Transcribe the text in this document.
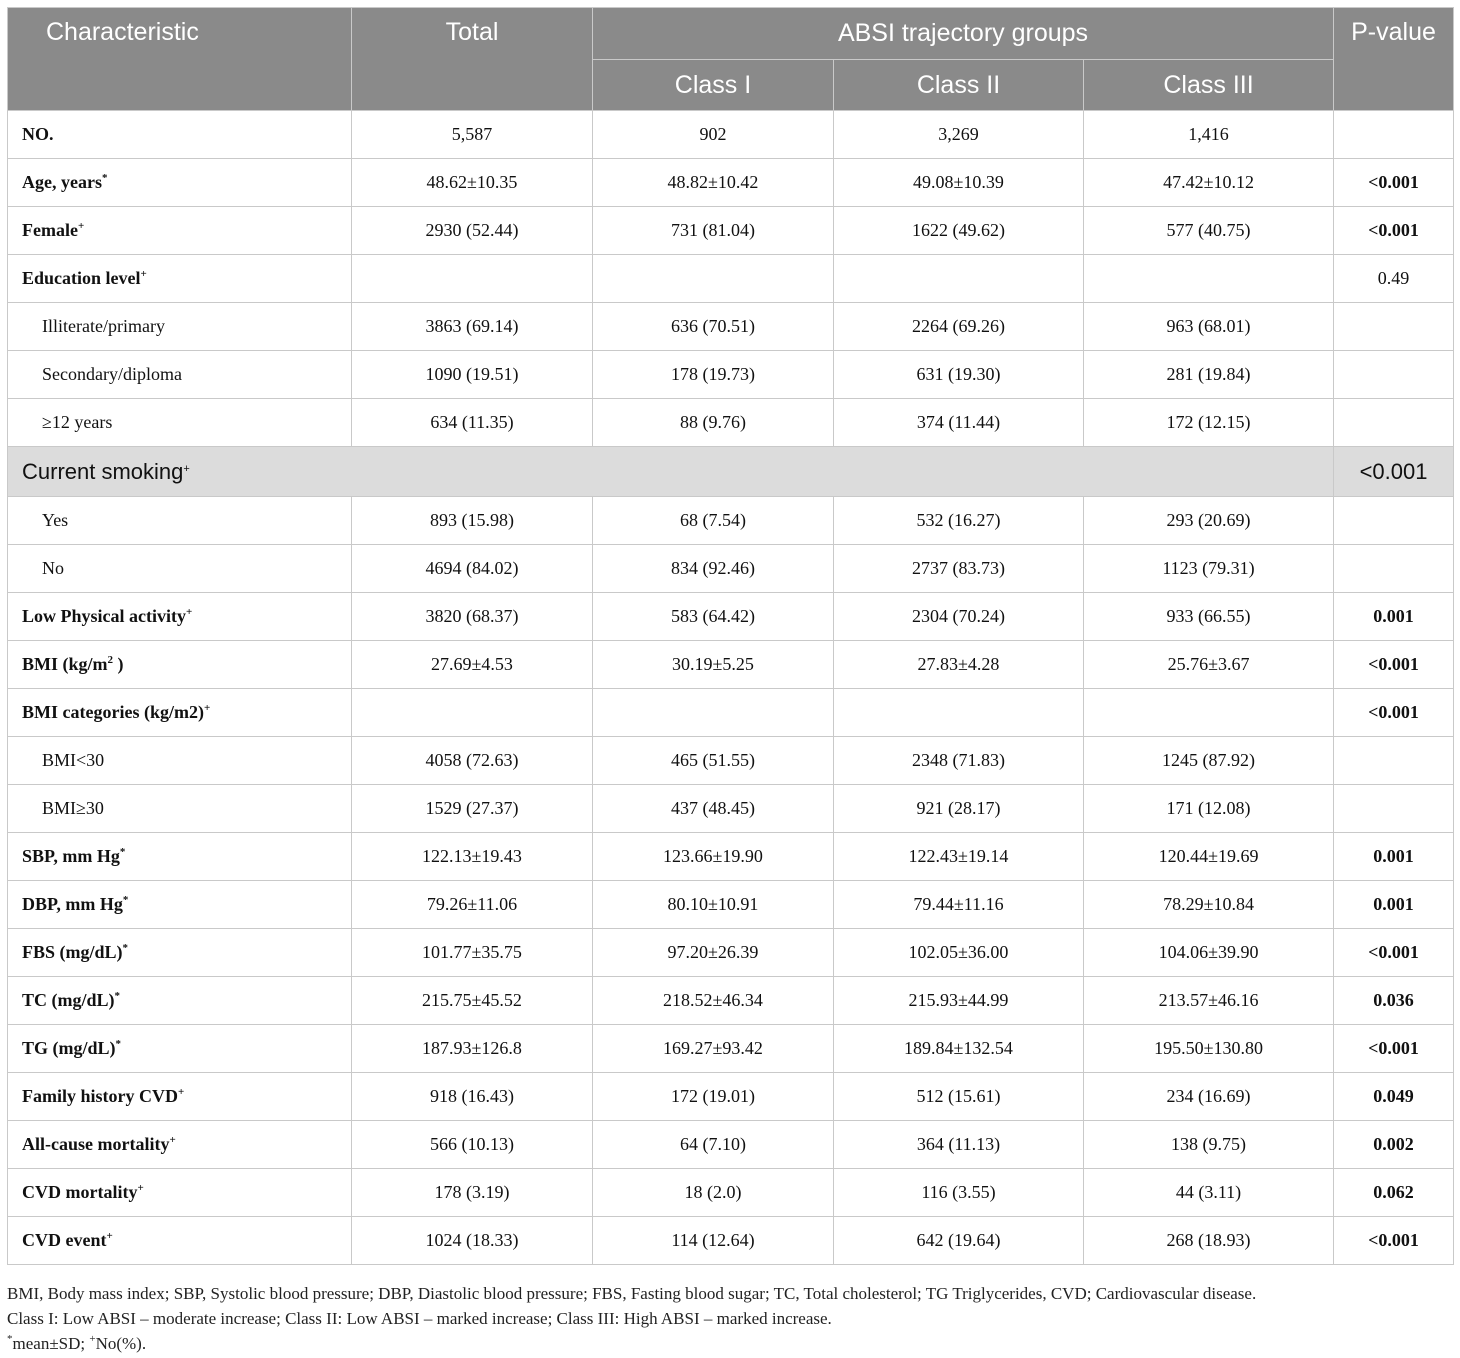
Characteristic	Total	ABSI trajectory groups			P-value
		Class I	Class II	Class III	
NO.	5,587	902	3,269	1,416	
Age, years*	48.62±10.35	48.82±10.42	49.08±10.39	47.42±10.12	<0.001
Female+	2930 (52.44)	731 (81.04)	1622 (49.62)	577 (40.75)	<0.001
Education level+					0.49
Illiterate/primary	3863 (69.14)	636 (70.51)	2264 (69.26)	963 (68.01)	
Secondary/diploma	1090 (19.51)	178 (19.73)	631 (19.30)	281 (19.84)	
≥12 years	634 (11.35)	88 (9.76)	374 (11.44)	172 (12.15)	
Current smoking+					<0.001
Yes	893 (15.98)	68 (7.54)	532 (16.27)	293 (20.69)	
No	4694 (84.02)	834 (92.46)	2737 (83.73)	1123 (79.31)	
Low Physical activity+	3820 (68.37)	583 (64.42)	2304 (70.24)	933 (66.55)	0.001
BMI ($kg/m^2$ )	27.69±4.53	30.19±5.25	27.83±4.28	25.76±3.67	<0.001
BMI categories (kg/m2)+					<0.001
BMI<30	4058 (72.63)	465 (51.55)	2348 (71.83)	1245 (87.92)	
BMI≥30	1529 (27.37)	437 (48.45)	921 (28.17)	171 (12.08)	
SBP, mm Hg*	122.13±19.43	123.66±19.90	122.43±19.14	120.44±19.69	0.001
DBP, mm Hg*	79.26±11.06	80.10±10.91	79.44±11.16	78.29±10.84	0.001
FBS (mg/dL)*	101.77±35.75	97.20±26.39	102.05±36.00	104.06±39.90	<0.001
TC (mg/dL)*	215.75±45.52	218.52±46.34	215.93±44.99	213.57±46.16	0.036
TG (mg/dL)*	187.93±126.8	169.27±93.42	189.84±132.54	195.50±130.80	<0.001
Family history CVD+	918 (16.43)	172 (19.01)	512 (15.61)	234 (16.69)	0.049
All-cause mortality+	566 (10.13)	64 (7.10)	364 (11.13)	138 (9.75)	0.002
CVD mortality+	178 (3.19)	18 (2.0)	116 (3.55)	44 (3.11)	0.062
CVD event+	1024 (18.33)	114 (12.64)	642 (19.64)	268 (18.93)	<0.001
BMI, Body mass index; SBP, Systolic blood pressure; DBP, Diastolic blood pressure; FBS, Fasting blood sugar; TC, Total cholesterol; TG Triglycerides, CVD; Cardiovascular disease.
Class I: Low ABSI – moderate increase; Class II: Low ABSI – marked increase; Class III: High ABSI – marked increase.
*mean±SD; +No(%).
